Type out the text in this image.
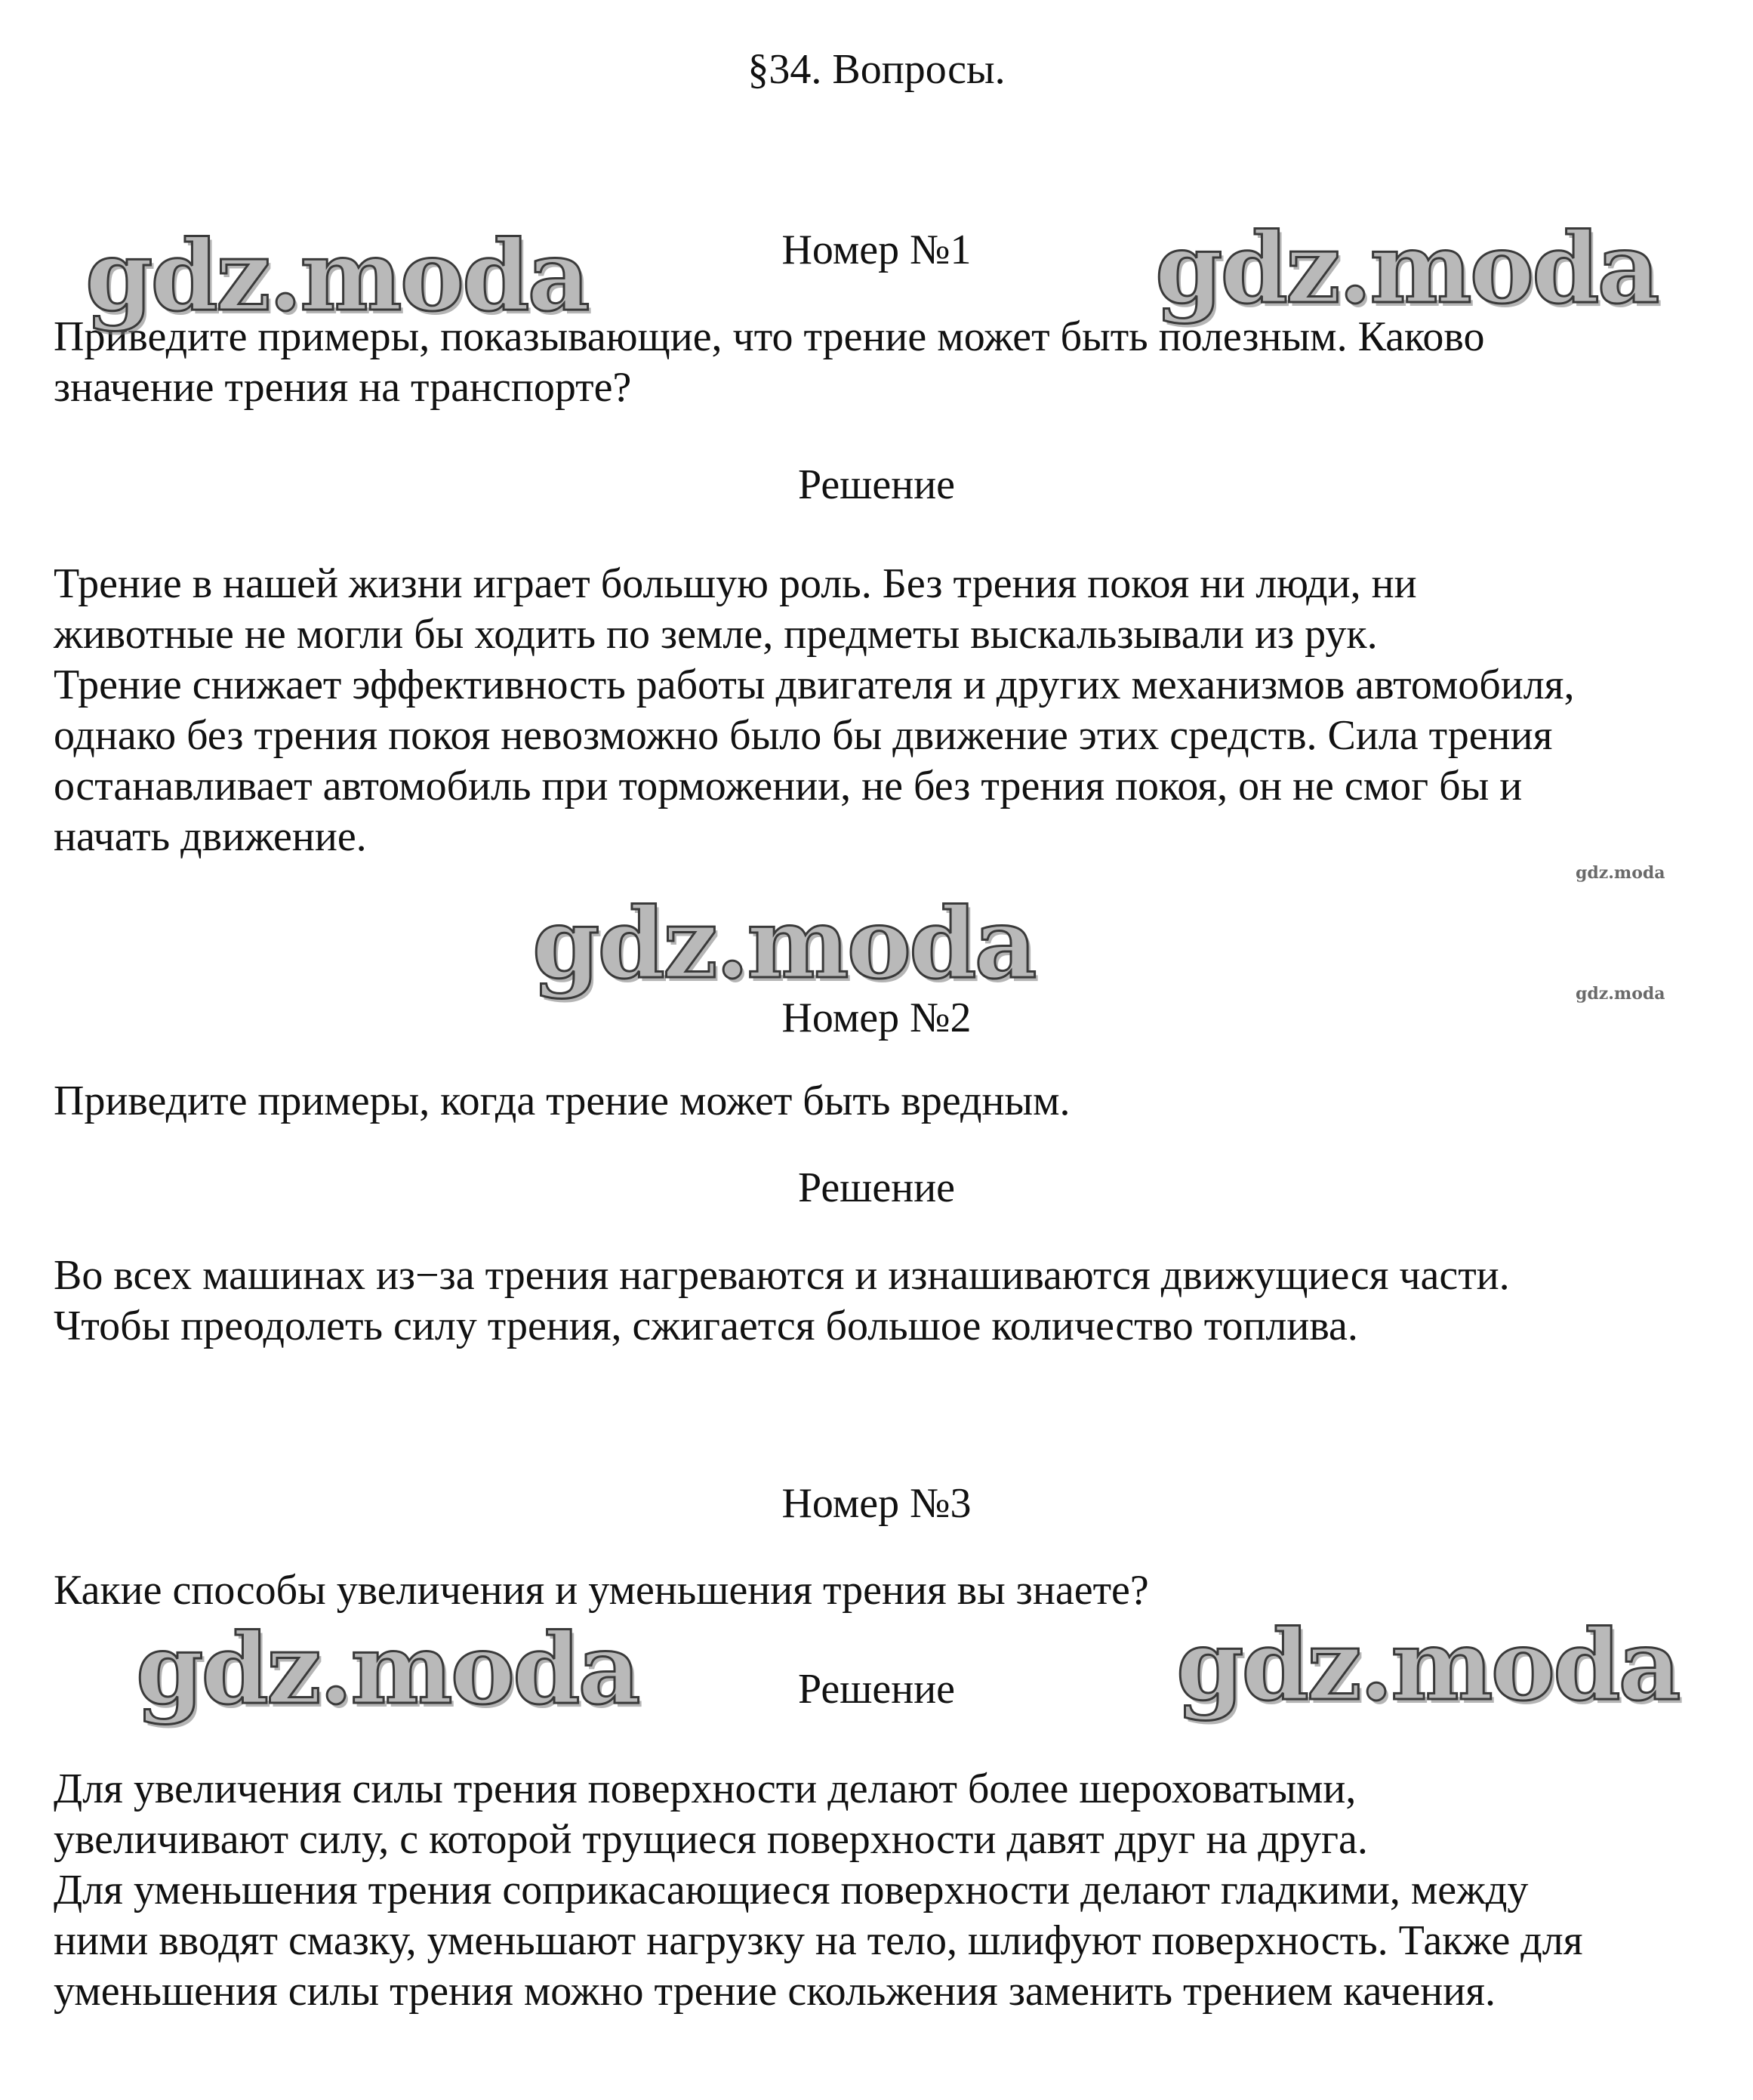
§34. Вопросы.
Номер №1
Приведите примеры, показывающие, что трение может быть полезным. Каково
значение трения на транспорте?
Решение
Трение в нашей жизни играет большую роль. Без трения покоя ни люди, ни
животные не могли бы ходить по земле, предметы выскальзывали из рук.
Трение снижает эффективность работы двигателя и других механизмов автомобиля,
однако без трения покоя невозможно было бы движение этих средств. Сила трения
останавливает автомобиль при торможении, не без трения покоя, он не смог бы и
начать движение.
Номер №2
Приведите примеры, когда трение может быть вредным.
Решение
Во всех машинах из−за трения нагреваются и изнашиваются движущиеся части.
Чтобы преодолеть силу трения, сжигается большое количество топлива.
Номер №3
Какие способы увеличения и уменьшения трения вы знаете?
Решение
Для увеличения силы трения поверхности делают более шероховатыми,
увеличивают силу, с которой трущиеся поверхности давят друг на друга.
Для уменьшения трения соприкасающиеся поверхности делают гладкими, между
ними вводят смазку, уменьшают нагрузку на тело, шлифуют поверхность. Также для
уменьшения силы трения можно трение скольжения заменить трением качения.
gdz.moda	gdz.moda
gdz.moda
gdz.moda	gdz.moda
gdz.moda
gdz.moda
